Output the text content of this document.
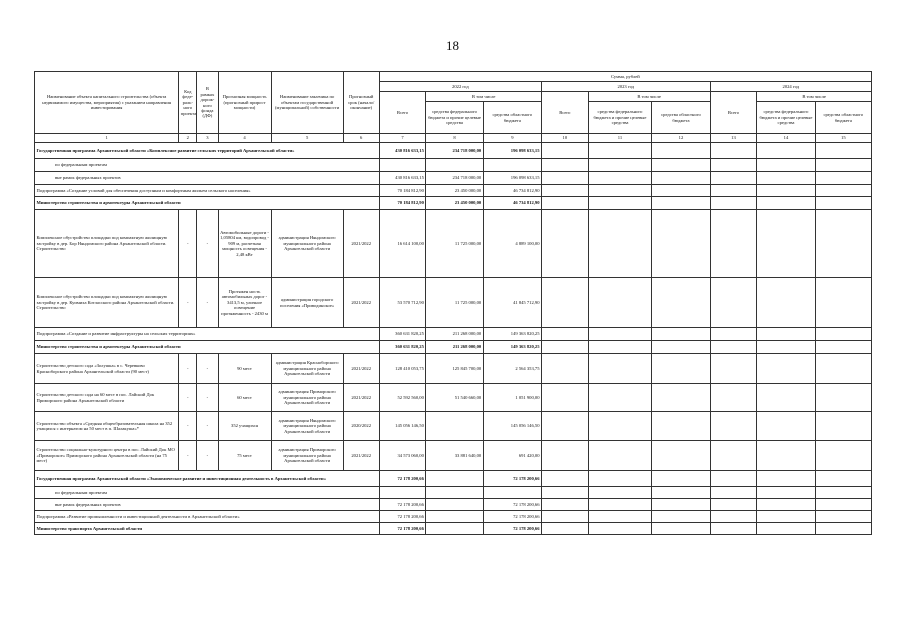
18
Наименование объекта капитального строительства (объекта недвижимого имущества, мероприятия) с указанием направления инвестирования	Код феде-раль-ного проекта	В рамках дорож-ного фонда (ДФ)	Прогнозная мощность (прогнозный прирост мощности)	Наименование заказчика по объектам государственной (муниципальной) собственности	Прогнозный срок (начало/окончание)	Сумма, рублей								
						2022 год			2023 год			2024 год		
						Всего	В том числе		Всего	В том числе		Всего	В том числе	
							средства федерального бюджета и прочие целевые средства	средства областного бюджета		средства федерального бюджета и прочие целевые средства	средства областного бюджета		средства федерального бюджета и прочие целевые средства	средства областного бюджета
1	2	3	4	5	6	7	8	9	10	11	12	13	14	15
Государственная программа Архангельской области «Комплексное развитие сельских территорий Архангельской области»						430 816 633,15	234 718 000,00	196 098 633,15						
по федеральным проектам														
вне рамок федеральных проектов						430 816 633,15	234 718 000,00	196 098 633,15						
Подпрограмма «Создание условий для обеспечения доступным и комфортным жильем сельского населения»						70 184 812,90	23 450 000,00	46 734 812,90						
Министерство строительства и архитектуры Архангельской области						70 184 812,90	23 450 000,00	46 734 812,90						
Комплексное обустройство площадки под компактную жилищную застройку в дер. Бор Няндомского района Архангельской области. Строительство	-	-	Автомобильные дороги - 1,05804 км, водопровод - 909 м, расчетная мощность освещения - 2,48 кВт	администрация Няндомского муниципального района Архангельской области	2021/2022	16 614 100,00	11 725 000,00	4 889 100,00						
Комплексное обустройство площадки под компактную жилищную застройку в дер. Куимиха Котласского района Архангельской области. Строительство	-	-	Протяжен ность автомобильных дорог - 3413,5 м, уличное освещение протяженность - 2430 м	администрация городского поселения «Приводинское»	2021/2022	53 570 712,90	11 725 000,00	41 845 712,90						
Подпрограмма «Создание и развитие инфраструктуры на сельских территориях»						360 631 820,25	211 268 000,00	149 363 820,25						
Министерство строительства и архитектуры Архангельской области						360 631 820,25	211 268 000,00	149 363 820,25						
Строительство детского сада «Золушка» в с. Черевково Красноборского района Архангельской области (90 мест)	-	-	90 мест	администрация Красноборского муниципального района Архангельской области	2021/2022	128 410 053,75	125 845 700,00	2 564 353,75						
Строительство детского сада на 60 мест в пос. Лайский Док Приморского района Архангельской области	-	-	60 мест	администрация Приморского муниципального района Архангельской области	2021/2022	52 592 560,00	51 540 660,00	1 051 900,00						
Строительство объекта «Средняя общеобразовательная школа на 352 учащихся с интернатом на 50 мест в п. Шалакуша»*	-	-	352 учащихся	администрация Няндомского муниципального района Архангельской области	2020/2022	145 056 146,50		145 056 146,50						
Строительство социально-культурного центра в пос. Лайский Док МО «Приморское» Приморского района Архангельской области (на 75 мест)	-	-	75 мест	администрация Приморского муниципального района Архангельской области	2021/2022	34 573 060,00	33 881 640,00	691 420,00						
Государственная программа Архангельской области «Экономическое развитие и инвестиционная деятельность в Архангельской области»						72 178 200,66		72 178 200,66						
по федеральным проектам														
вне рамок федеральных проектов						72 178 200,66		72 178 200,66						
Подпрограмма «Развитие промышленности и инвестиционной деятельности в Архангельской области»						72 178 200,66		72 178 200,66						
Министерство транспорта Архангельской области						72 178 200,66		72 178 200,66						
